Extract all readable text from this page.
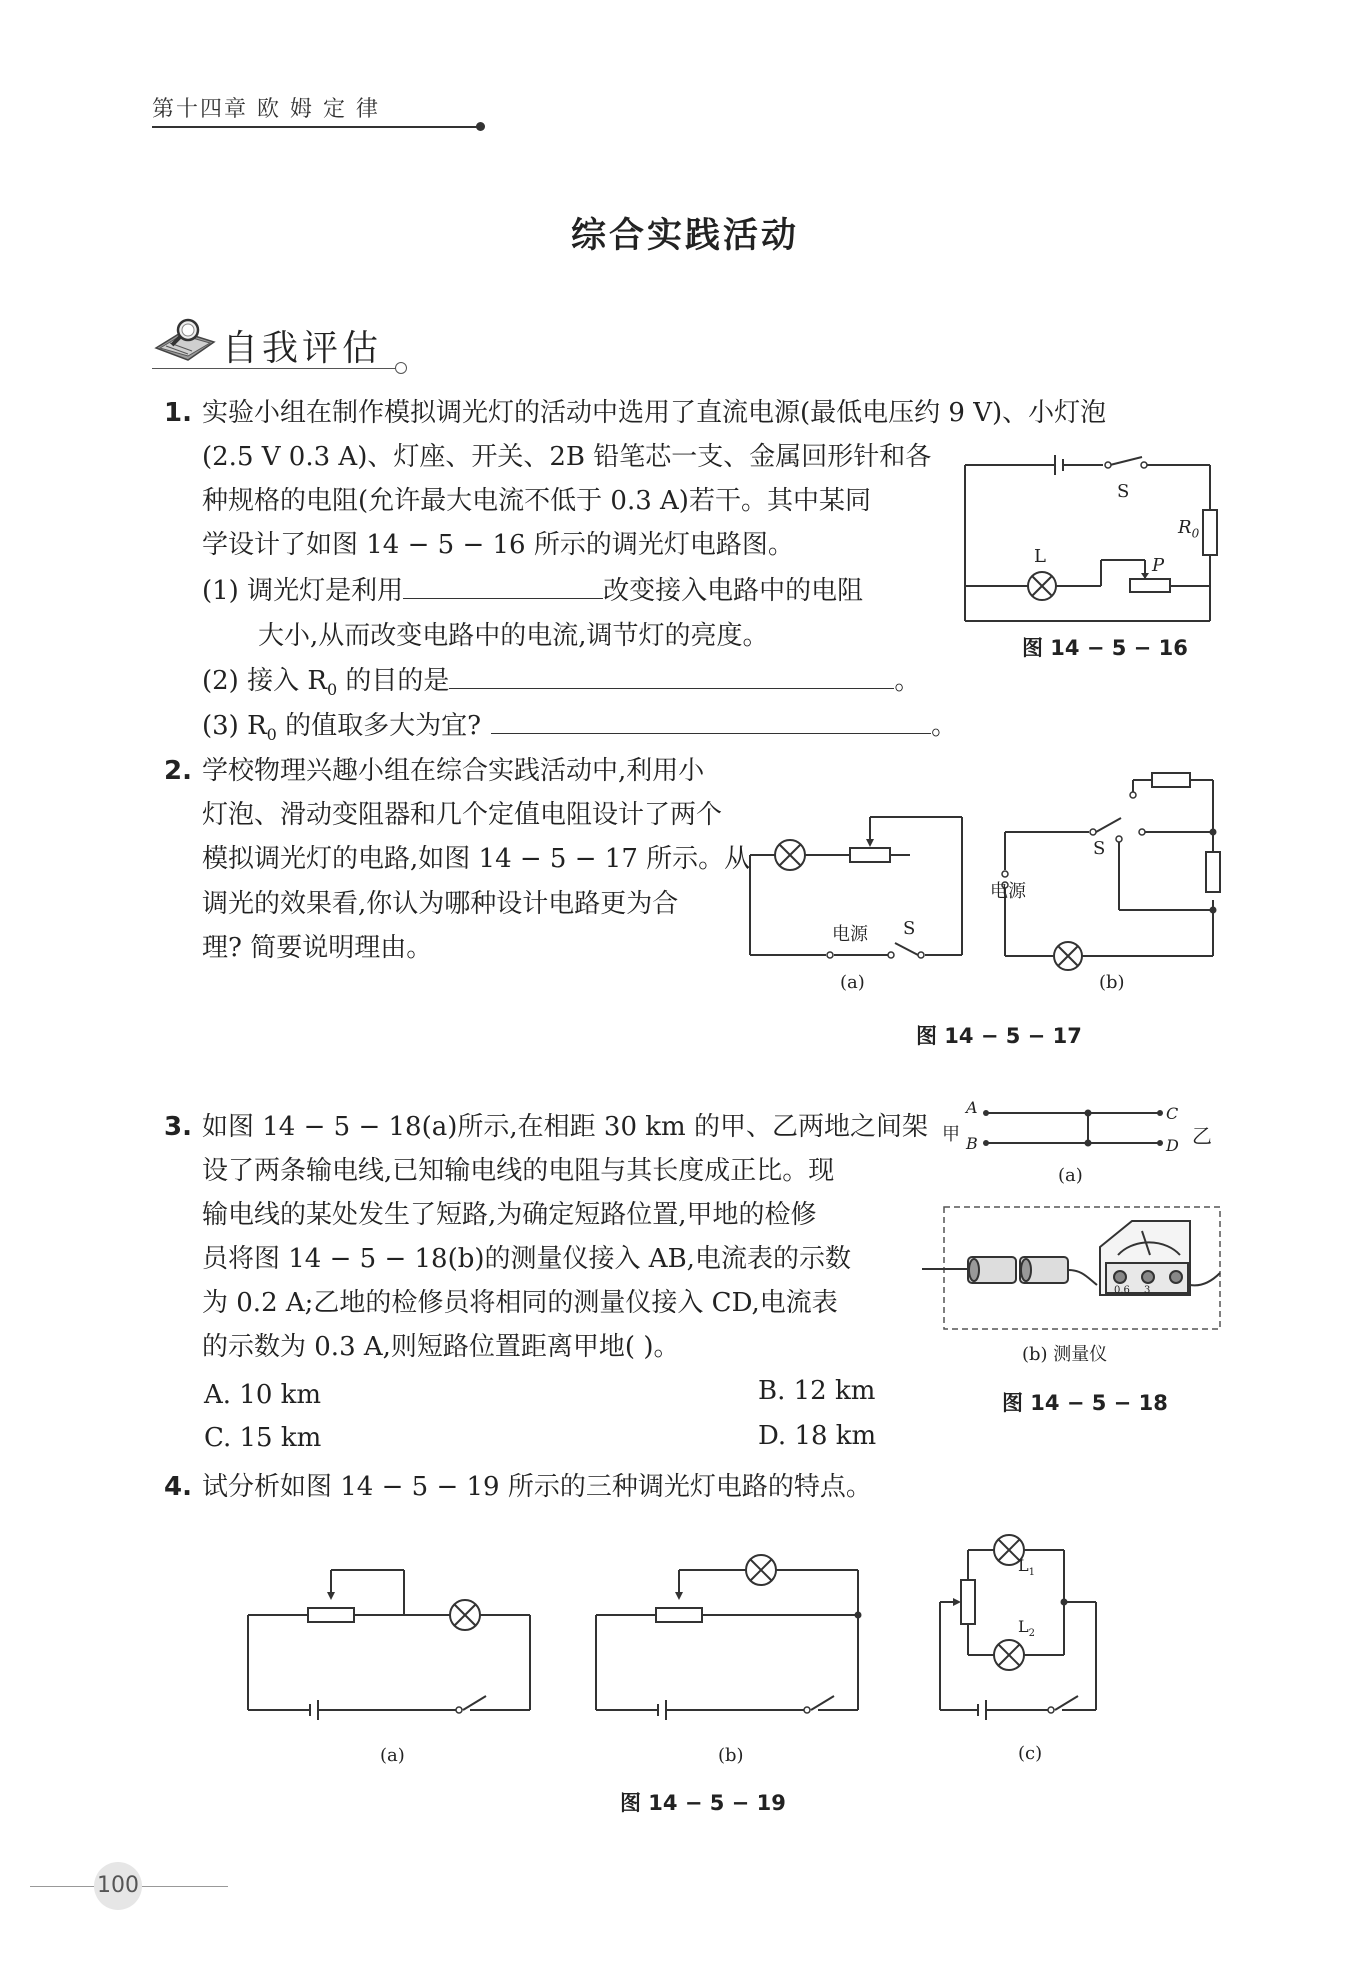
第十四章 欧 姆 定 律
综合实践活动
自我评估
1. 实验小组在制作模拟调光灯的活动中选用了直流电源(最低电压约 9 V)、小灯泡
(2.5 V 0.3 A)、灯座、开关、2B 铅笔芯一支、金属回形针和各
种规格的电阻(允许最大电流不低于 0.3 A)若干。其中某同
学设计了如图 14 − 5 − 16 所示的调光灯电路图。
(1) 调光灯是利用	改变接入电路中的电阻
大小,从而改变电路中的电流,调节灯的亮度。
(2) 接入 $R_0$ 的目的是	。
(3) $R_0$ 的值取多大为宜?	。
S
$R_0$
L	P
图 14 − 5 − 16
2. 学校物理兴趣小组在综合实践活动中,利用小
灯泡、滑动变阻器和几个定值电阻设计了两个
模拟调光灯的电路,如图 14 − 5 − 17 所示。从
调光的效果看,你认为哪种设计电路更为合
理? 简要说明理由。	电源 S
(a)
电源
S
(b)
图 14 − 5 − 17
3. 如图 14 − 5 − 18(a)所示,在相距 30 km 的甲、乙两地之间架
设了两条输电线,已知输电线的电阻与其长度成正比。现
输电线的某处发生了短路,为确定短路位置,甲地的检修
员将图 14 − 5 − 18(b)的测量仪接入 AB,电流表的示数
为 0.2 A;乙地的检修员将相同的测量仪接入 CD,电流表
的示数为 0.3 A,则短路位置距离甲地( )。
A. 10 km	B. 12 km
C. 15 km	D. 18 km
甲	乙
A
B
C
D
(a)
0.6 3
(b) 测量仪
图 14 − 5 − 18
4. 试分析如图 14 − 5 − 19 所示的三种调光灯电路的特点。
$L_1$
$L_2$
(a)	(b)	(c)
图 14 − 5 − 19
100
